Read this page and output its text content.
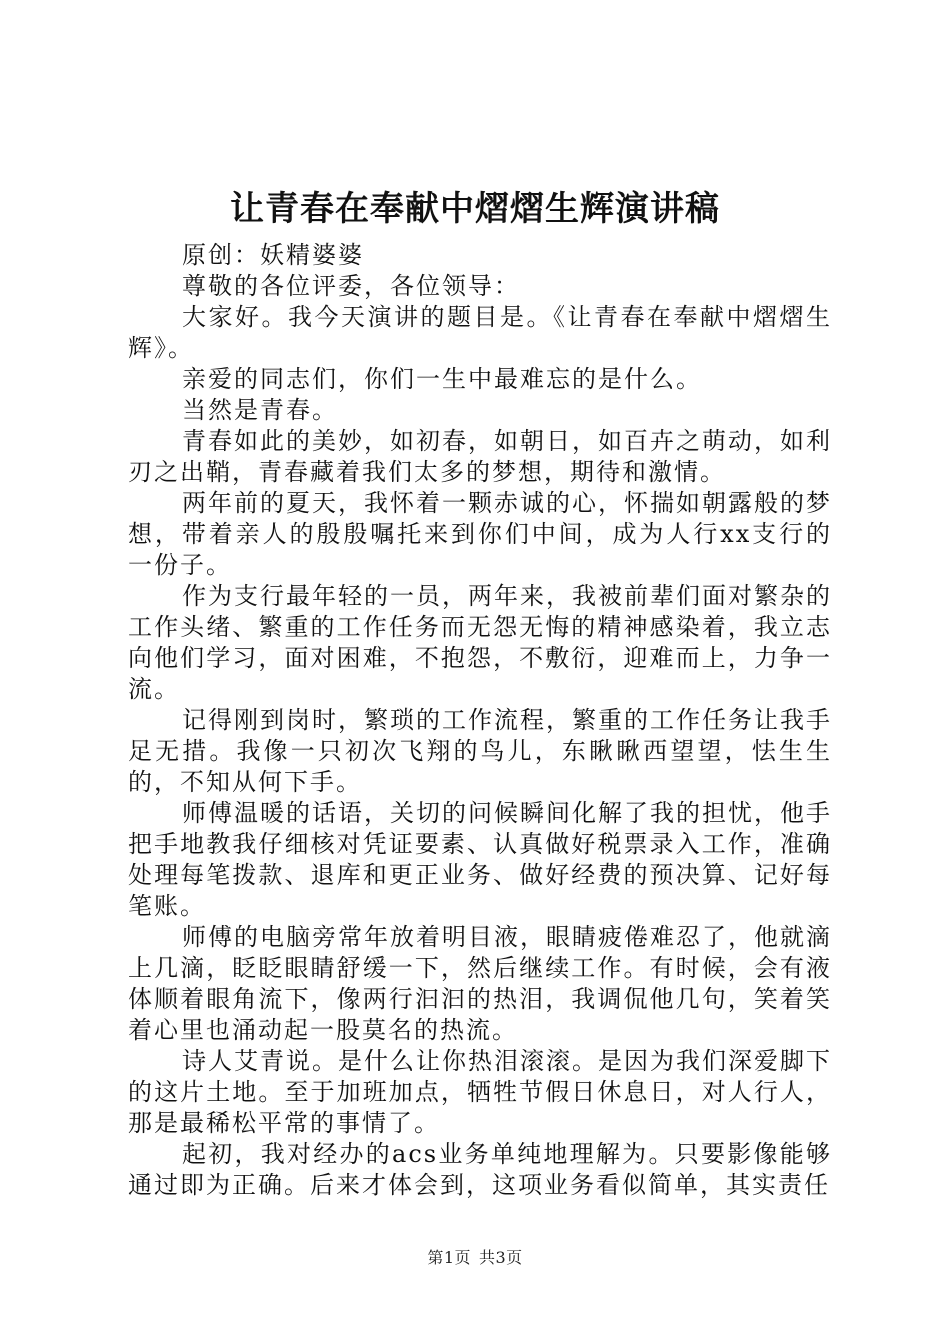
让青春在奉献中熠熠生辉演讲稿

原创：妖精婆婆

尊敬的各位评委，各位领导：

大家好。我今天演讲的题目是。《让青春在奉献中熠熠生辉》。

亲爱的同志们，你们一生中最难忘的是什么。

当然是青春。

青春如此的美妙，如初春，如朝日，如百卉之萌动，如利刃之出鞘，青春藏着我们太多的梦想，期待和激情。

两年前的夏天，我怀着一颗赤诚的心，怀揣如朝露般的梦想，带着亲人的殷殷嘱托来到你们中间，成为人行xx支行的一份子。

作为支行最年轻的一员，两年来，我被前辈们面对繁杂的工作头绪、繁重的工作任务而无怨无悔的精神感染着，我立志向他们学习，面对困难，不抱怨，不敷衍，迎难而上，力争一流。

记得刚到岗时，繁琐的工作流程，繁重的工作任务让我手足无措。我像一只初次飞翔的鸟儿，东瞅瞅西望望，怯生生的，不知从何下手。

师傅温暖的话语，关切的问候瞬间化解了我的担忧，他手把手地教我仔细核对凭证要素、认真做好税票录入工作，准确处理每笔拨款、退库和更正业务、做好经费的预决算、记好每笔账。

师傅的电脑旁常年放着明目液，眼睛疲倦难忍了，他就滴上几滴，眨眨眼睛舒缓一下，然后继续工作。有时候，会有液体顺着眼角流下，像两行汩汩的热泪，我调侃他几句，笑着笑着心里也涌动起一股莫名的热流。

诗人艾青说。是什么让你热泪滚滚。是因为我们深爱脚下的这片土地。至于加班加点，牺牲节假日休息日，对人行人，那是最稀松平常的事情了。

起初，我对经办的acs业务单纯地理解为。只要影像能够通过即为正确。后来才体会到，这项业务看似简单，其实责任

第1页 共3页
